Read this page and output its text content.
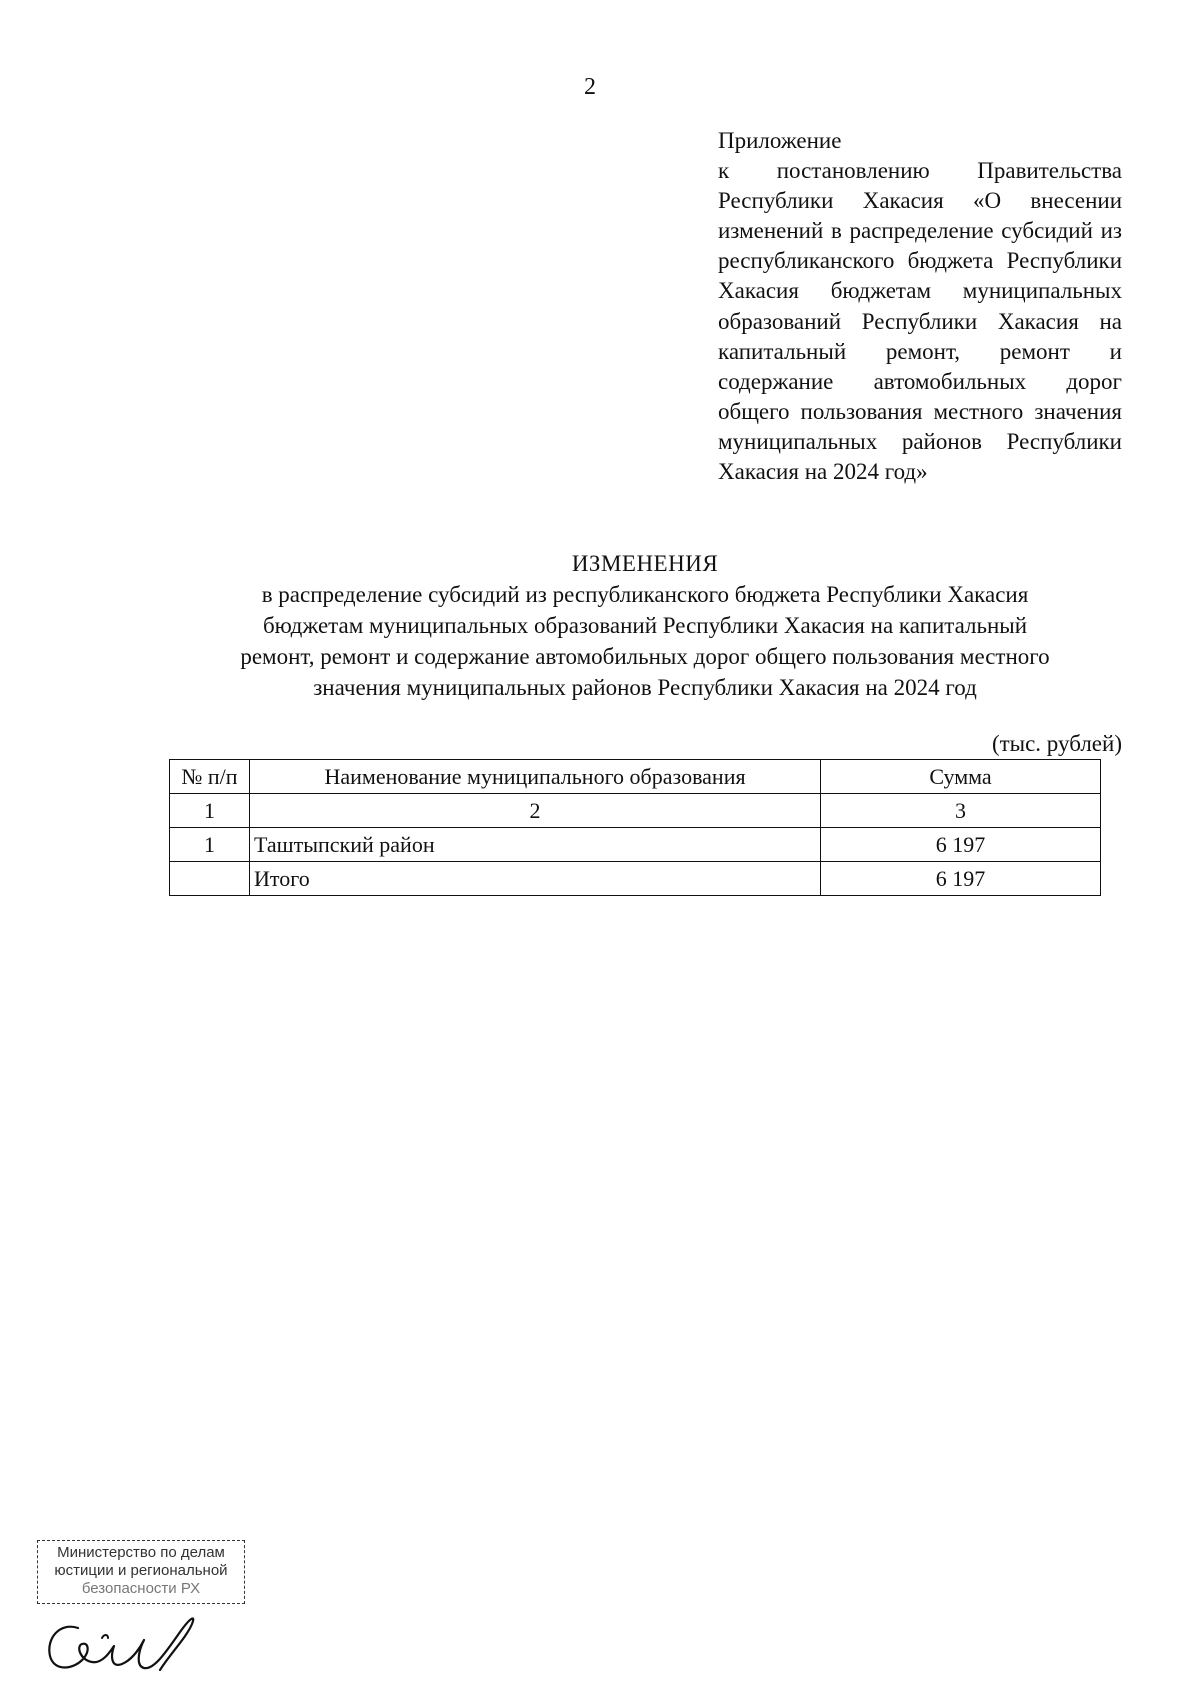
2
Приложение
к постановлению Правительства Республики Хакасия «О внесении изменений в распределение субсидий из республиканского бюджета Республики Хакасия бюджетам муниципальных образований Республики Хакасия на капитальный ремонт, ремонт и содержание автомобильных дорог общего пользования местного значения муниципальных районов Республики Хакасия на 2024 год»
ИЗМЕНЕНИЯ
в распределение субсидий из республиканского бюджета Республики Хакасия
бюджетам муниципальных образований Республики Хакасия на капитальный
ремонт, ремонт и содержание автомобильных дорог общего пользования местного
значения муниципальных районов Республики Хакасия на 2024 год
(тыс. рублей)
№ п/п	Наименование муниципального образования	Сумма
1	2	3
1	Таштыпский район	6 197
	Итого	6 197
Министерство по делам
юстиции и региональной
безопасности РХ
